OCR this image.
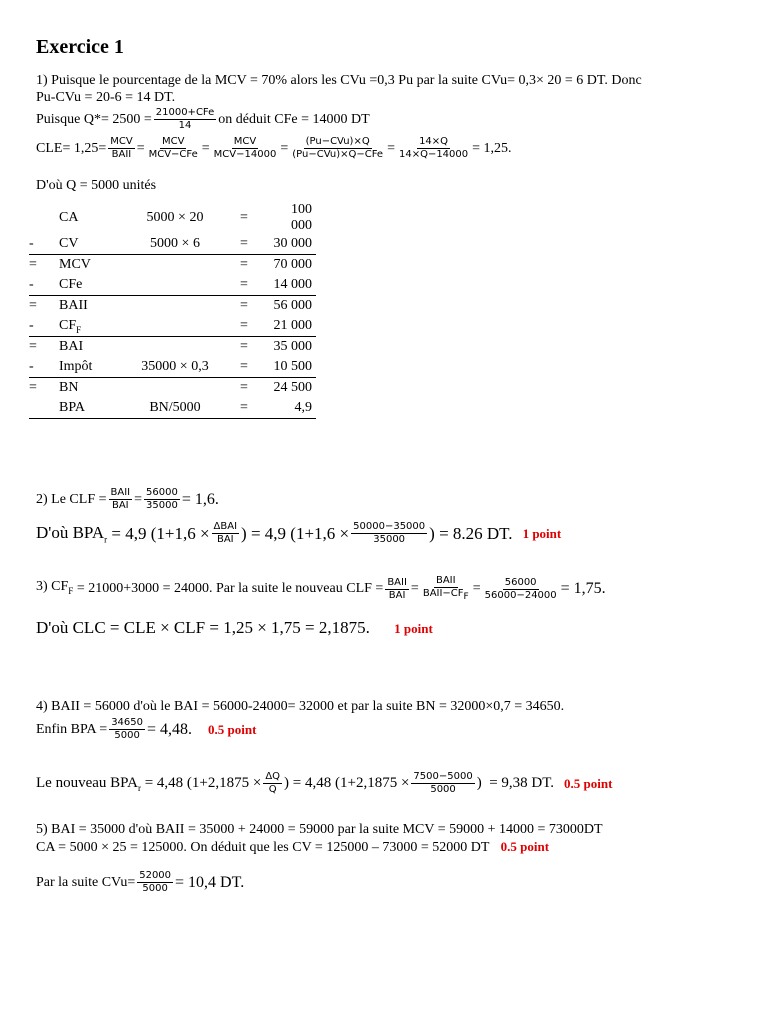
Exercice 1
1) Puisque le pourcentage de la MCV = 70% alors les CVu =0,3 Pu par la suite CVu= 0,3× 20 = 6 DT. Donc
Pu-CVu = 20-6 = 14 DT.
Puisque $Q*= 2500 = \frac{\text{21000+CFe}}{14}$ on déduit CFe = 14000 DT
$CLE= 1,25= \frac{\text{MCV}}{\text{BAII}} = \frac{\text{MCV}}{\text{MCV−CFe}} = \frac{\text{MCV}}{\text{MCV−14000}} = \frac{\text{(Pu−CVu)×Q}}{\text{(Pu−CVu)×Q−CFe}} = \frac{14\times Q}{14\times Q-14000} = 1,25$.
D'où Q = 5000 unités
	CA	5000 × 20	=	100 000
-	CV	5000 × 6	=	30 000
=	MCV		=	70 000
-	CFe		=	14 000
=	BAII		=	56 000
-	$CF_F$		=	21 000
=	BAI		=	35 000
-	Impôt	35000 × 0,3	=	10 500
=	BN		=	24 500
	BPA	BN/5000	=	4,9
2) Le CLF = $\frac{\text{BAII}}{\text{BAI}} = \frac{56000}{35000} = 1,6$.
D'où $BPA_r = 4,9$ ($1+1,6 \times \frac{\text{ΔBAI}}{\text{BAI}}$ ) = 4,9 ($1+1,6 \times \frac{50000-35000}{35000}$ ) = 8.26 DT. 1 point
3) $CF_F = 21000+3000 = 24000$. Par la suite le nouveau CLF = $\frac{\text{BAII}}{\text{BAI}} = \frac{\text{BAII}}{BAII-CF_F} = \frac{56000}{56000-24000} = 1,75$.
D'où CLC = CLE × CLF = 1,25 × 1,75 = 2,1875. 1 point
4) BAII = 56000 d'où le BAI = 56000-24000= 32000 et par la suite BN = 32000×0,7 = 34650.
Enfin BPA = $\frac{34650}{5000} = 4,48$. 0.5 point
Le nouveau $BPA_r = 4,48$ ($1+2,1875 \times \frac{\Delta Q}{Q}$ ) = 4,48 ($1+2,1875 \times \frac{7500-5000}{5000}$ )  = 9,38 DT. 0.5 point
5) BAI = 35000 d'où BAII = 35000 + 24000 = 59000 par la suite MCV = 59000 + 14000 = 73000DT
CA = 5000 × 25 = 125000. On déduit que les CV = 125000 – 73000 = 52000 DT 0.5 point
Par la suite $CVu= \frac{52000}{5000} = 10,4$ DT.
